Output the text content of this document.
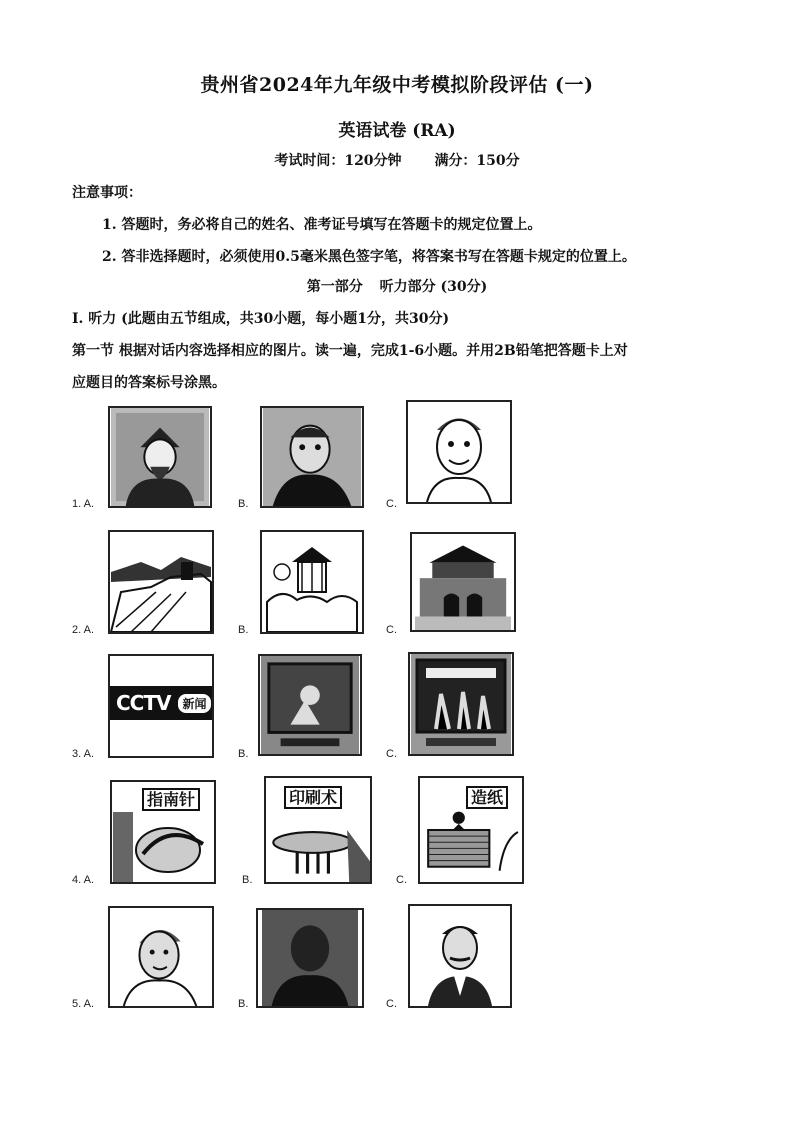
贵州省2024年九年级中考模拟阶段评估 (一)
英语试卷 (RA)
考试时间：120分钟 满分：150分
注意事项：
1. 答题时，务必将自己的姓名、准考证号填写在答题卡的规定位置上。
2. 答非选择题时，必须使用0.5毫米黑色签字笔，将答案书写在答题卡规定的位置上。
第一部分 听力部分 (30分)
I. 听力 (此题由五节组成，共30小题，每小题1分，共30分)
第一节 根据对话内容选择相应的图片。读一遍，完成1-6小题。并用2B铅笔把答题卡上对
应题目的答案标号涂黑。
1. A.	B.	C.
2. A.	B.	C.
3. A.
CCTV	新闻
B.	C.
4. A.
指南针
B.
印刷术
C.
造纸
5. A.	B.	C.
